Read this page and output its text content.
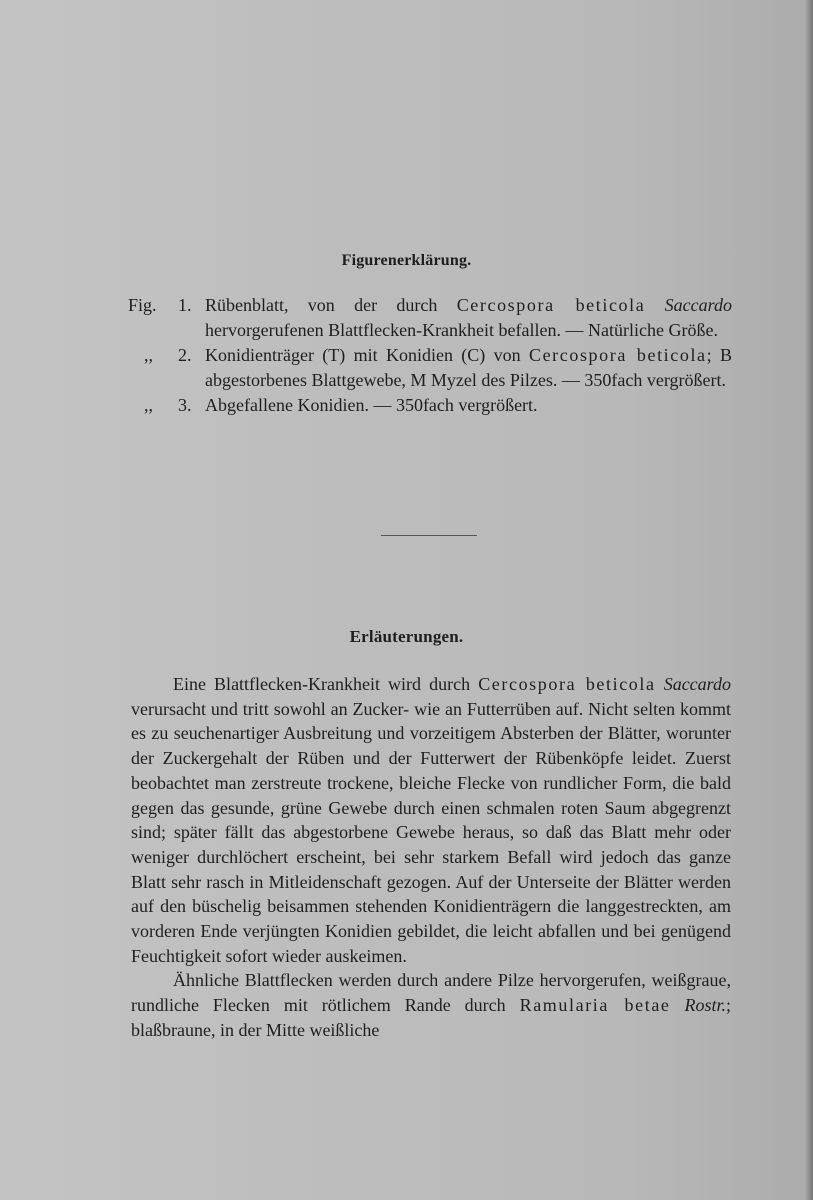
Figurenerklärung.
Fig.	1. Rübenblatt, von der durch Cercospora beticola Saccardo hervorgerufenen Blattflecken-Krankheit befallen. — Natürliche Größe.
,,	2. Konidienträger (T) mit Konidien (C) von Cercospora beticola; B abgestorbenes Blattgewebe, M Myzel des Pilzes. — 350fach vergrößert.
,,	3. Abgefallene Konidien. — 350fach vergrößert.
Erläuterungen.

Eine Blattflecken-Krankheit wird durch Cercospora beticola Saccardo verursacht und tritt sowohl an Zucker- wie an Futterrüben auf. Nicht selten kommt es zu seuchenartiger Ausbreitung und vorzeitigem Absterben der Blätter, worunter der Zuckergehalt der Rüben und der Futterwert der Rübenköpfe leidet. Zuerst beobachtet man zerstreute trockene, bleiche Flecke von rundlicher Form, die bald gegen das gesunde, grüne Gewebe durch einen schmalen roten Saum abgegrenzt sind; später fällt das abgestorbene Gewebe heraus, so daß das Blatt mehr oder weniger durchlöchert erscheint, bei sehr starkem Befall wird jedoch das ganze Blatt sehr rasch in Mitleidenschaft gezogen. Auf der Unterseite der Blätter werden auf den büschelig beisammen stehenden Konidienträgern die langgestreckten, am vorderen Ende verjüngten Konidien gebildet, die leicht abfallen und bei genügend Feuchtigkeit sofort wieder auskeimen.

Ähnliche Blattflecken werden durch andere Pilze hervorgerufen, weißgraue, rundliche Flecken mit rötlichem Rande durch Ramularia betae Rostr.; blaßbraune, in der Mitte weißliche
